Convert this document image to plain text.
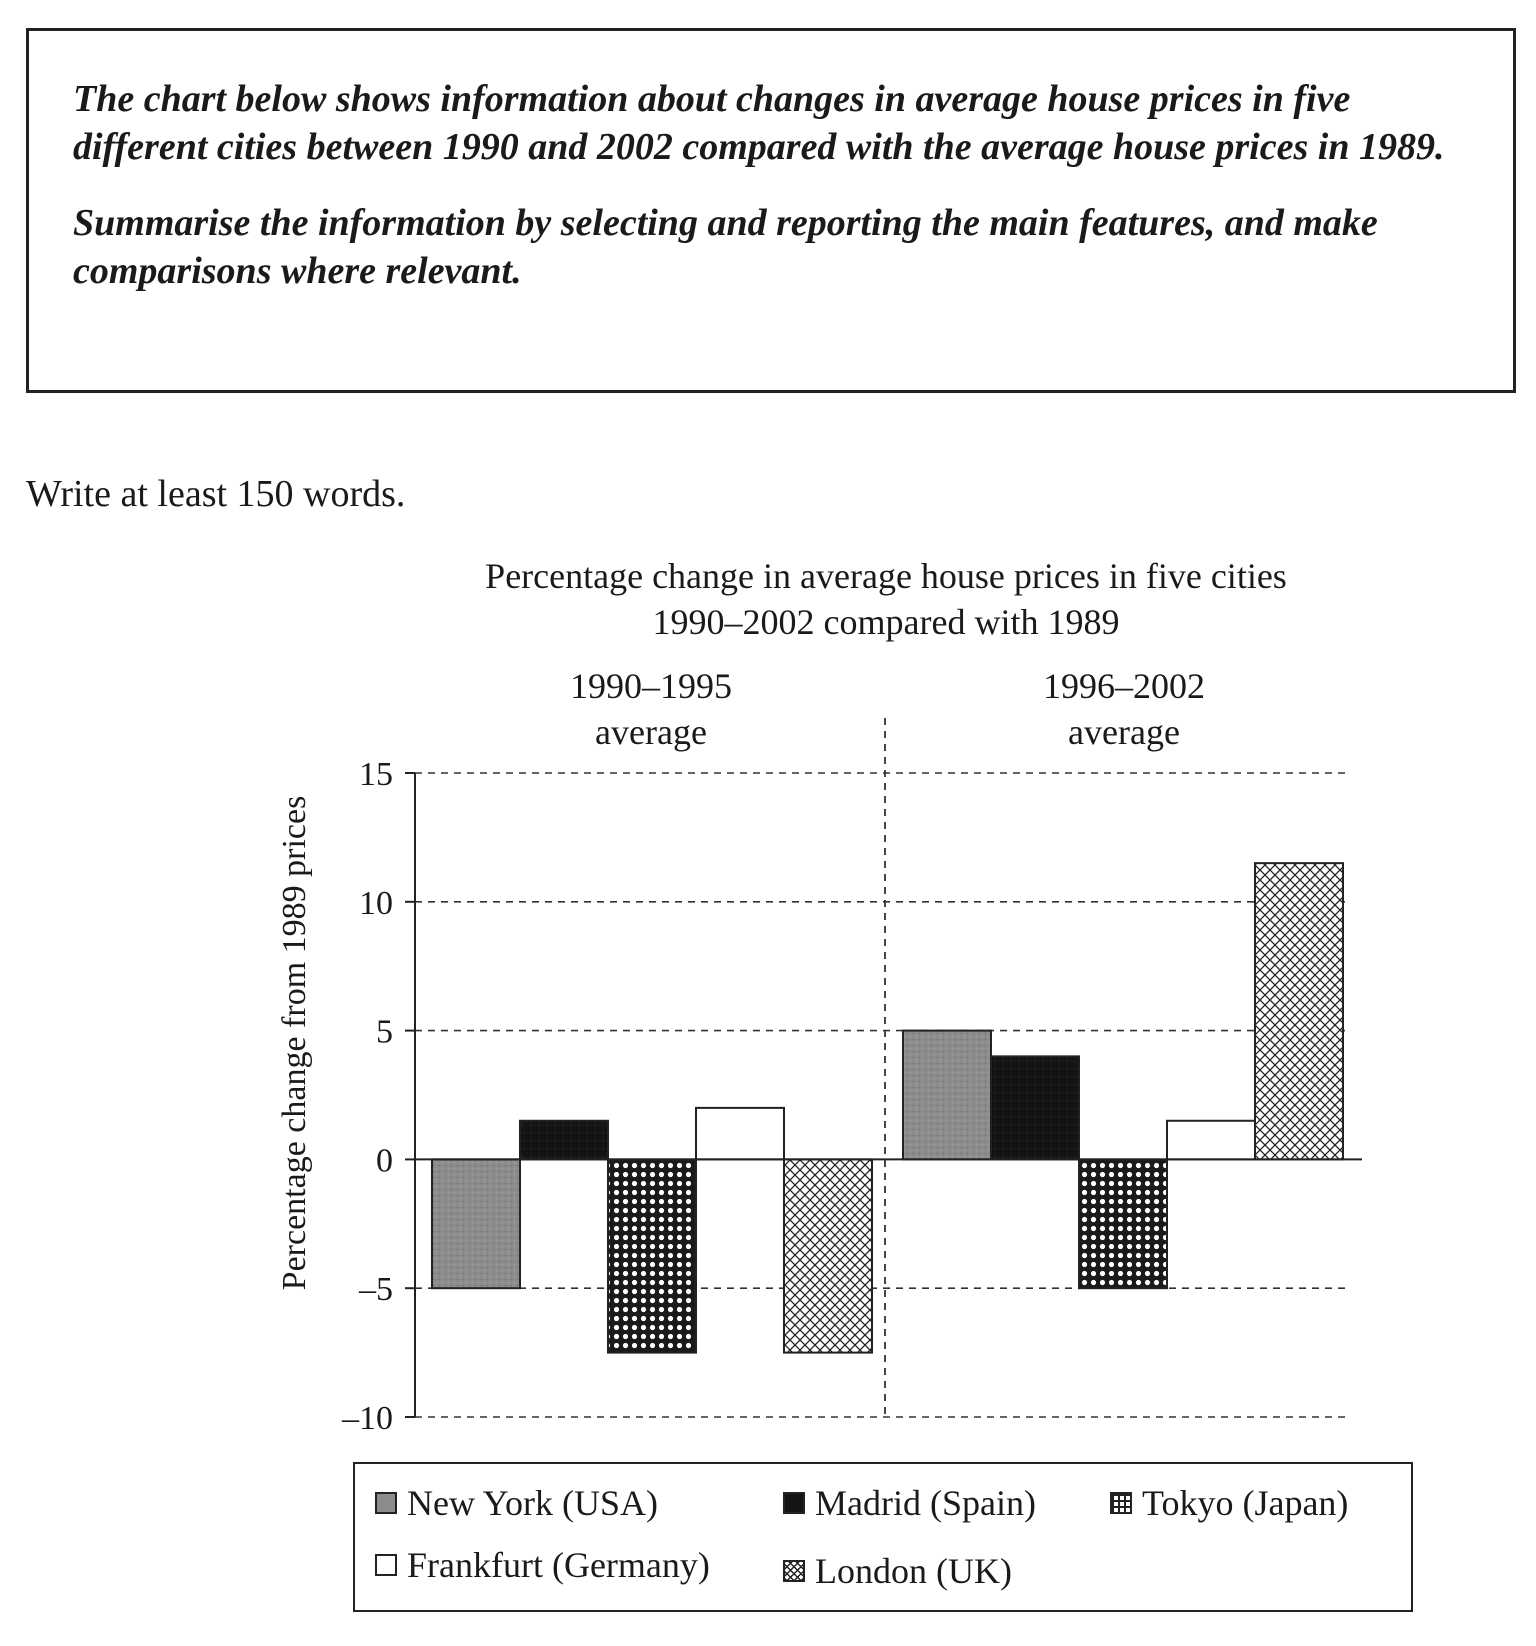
The chart below shows information about changes in average house prices in five different cities between 1990 and 2002 compared with the average house prices in 1989.

Summarise the information by selecting and reporting the main features, and make comparisons where relevant.

Write at least 150 words.

Percentage change in average house prices in five cities
1990–2002 compared with 1989
1990–1995
average
1996–2002
average
Percentage change from 1989 prices
15
10
5
0
–5
–10
New York (USA)	Madrid (Spain)	Tokyo (Japan)
Frankfurt (Germany)	London (UK)
